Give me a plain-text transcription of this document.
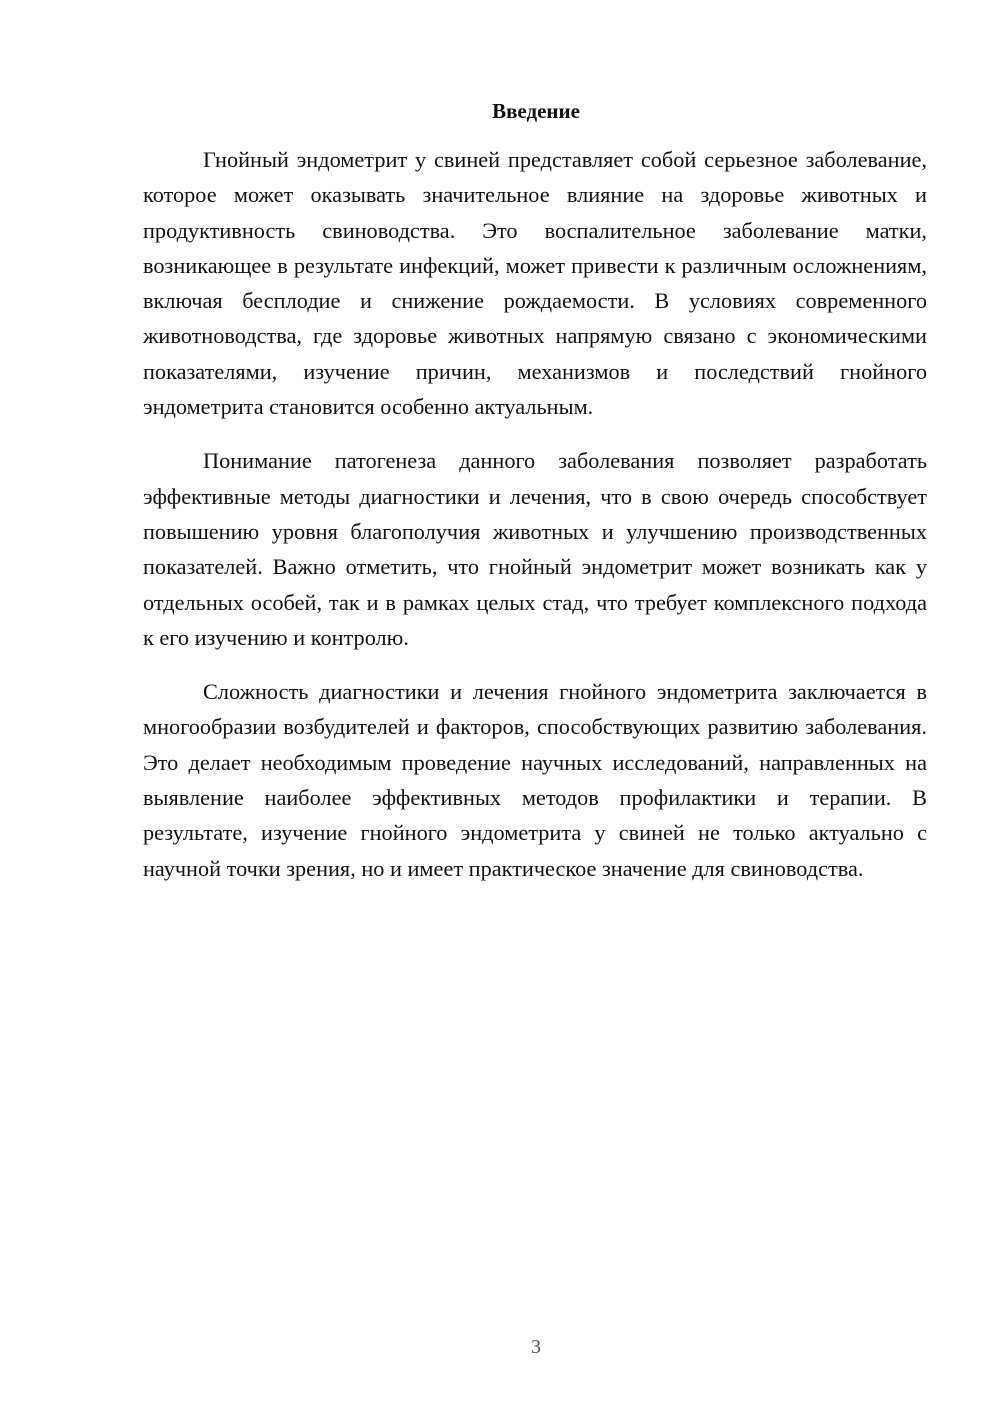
Введение

Гнойный эндометрит у свиней представляет собой серьезное заболевание, которое может оказывать значительное влияние на здоровье животных и продуктивность свиноводства. Это воспалительное заболевание матки, возникающее в результате инфекций, может привести к различным осложнениям, включая бесплодие и снижение рождаемости. В условиях современного животноводства, где здоровье животных напрямую связано с экономическими показателями, изучение причин, механизмов и последствий гнойного эндометрита становится особенно актуальным.

Понимание патогенеза данного заболевания позволяет разработать эффективные методы диагностики и лечения, что в свою очередь способствует повышению уровня благополучия животных и улучшению производственных показателей. Важно отметить, что гнойный эндометрит может возникать как у отдельных особей, так и в рамках целых стад, что требует комплексного подхода к его изучению и контролю.

Сложность диагностики и лечения гнойного эндометрита заключается в многообразии возбудителей и факторов, способствующих развитию заболевания. Это делает необходимым проведение научных исследований, направленных на выявление наиболее эффективных методов профилактики и терапии. В результате, изучение гнойного эндометрита у свиней не только актуально с научной точки зрения, но и имеет практическое значение для свиноводства.

3
